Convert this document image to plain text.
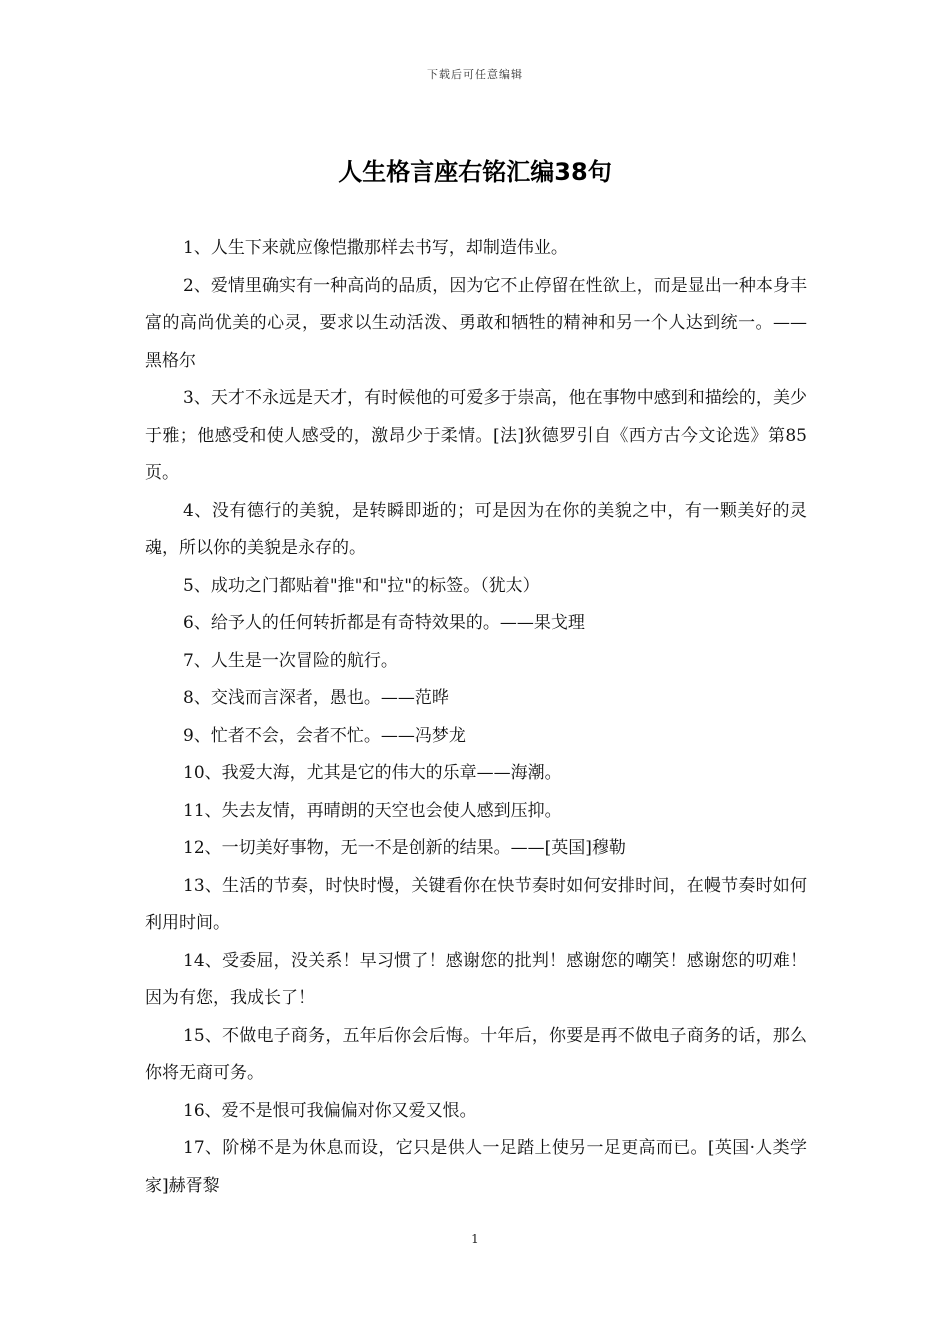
下载后可任意编辑
人生格言座右铭汇编38句

1、人生下来就应像恺撒那样去书写，却制造伟业。

2、爱情里确实有一种高尚的品质，因为它不止停留在性欲上，而是显出一种本身丰富的高尚优美的心灵，要求以生动活泼、勇敢和牺牲的精神和另一个人达到统一。——黑格尔

3、天才不永远是天才，有时候他的可爱多于崇高，他在事物中感到和描绘的，美少于雅；他感受和使人感受的，激昂少于柔情。[法]狄德罗引自《西方古今文论选》第85页。

4、没有德行的美貌，是转瞬即逝的；可是因为在你的美貌之中，有一颗美好的灵魂，所以你的美貌是永存的。

5、成功之门都贴着"推"和"拉"的标签。（犹太）

6、给予人的任何转折都是有奇特效果的。——果戈理

7、人生是一次冒险的航行。

8、交浅而言深者，愚也。——范晔

9、忙者不会，会者不忙。——冯梦龙

10、我爱大海，尤其是它的伟大的乐章——海潮。

11、失去友情，再晴朗的天空也会使人感到压抑。

12、一切美好事物，无一不是创新的结果。——[英国]穆勒

13、生活的节奏，时快时慢，关键看你在快节奏时如何安排时间，在幔节奏时如何利用时间。

14、受委屈，没关系！早习惯了！感谢您的批判！感谢您的嘲笑！感谢您的叨难！因为有您，我成长了！

15、不做电子商务，五年后你会后悔。十年后，你要是再不做电子商务的话，那么你将无商可务。

16、爱不是恨可我偏偏对你又爱又恨。

17、阶梯不是为休息而设，它只是供人一足踏上使另一足更高而已。[英国·人类学家]赫胥黎

1
